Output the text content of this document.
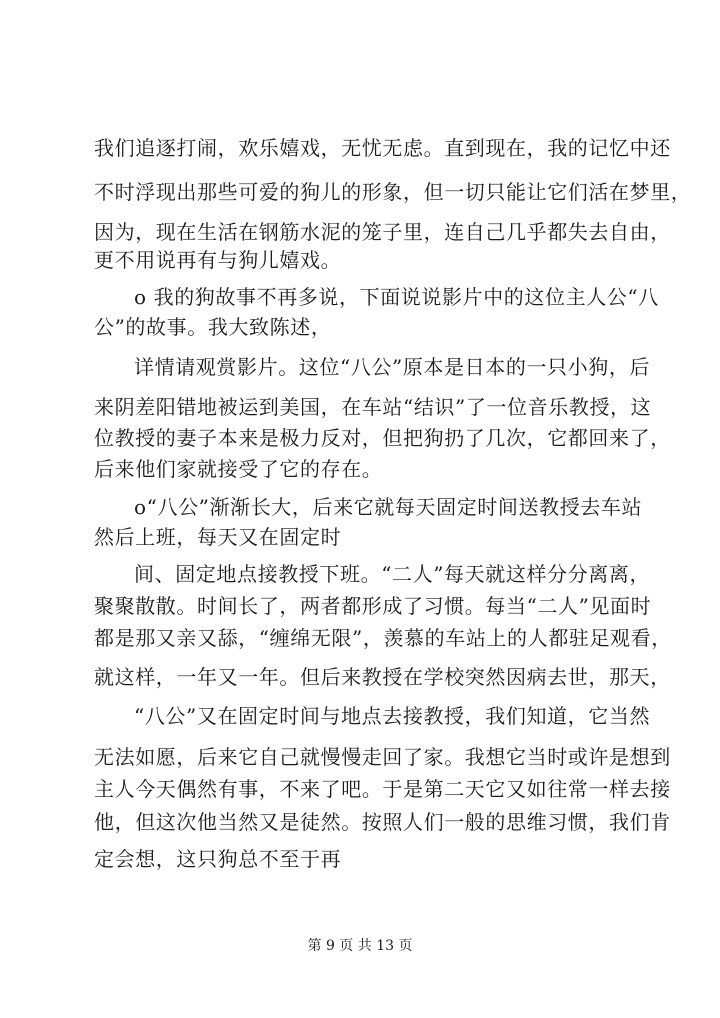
我们追逐打闹，欢乐嬉戏，无忧无虑。直到现在，我的记忆中还
不时浮现出那些可爱的狗儿的形象，但一切只能让它们活在梦里，
因为，现在生活在钢筋水泥的笼子里，连自己几乎都失去自由，
更不用说再有与狗儿嬉戏。
o 我的狗故事不再多说，下面说说影片中的这位主人公“八
公”的故事。我大致陈述，
详情请观赏影片。这位“八公”原本是日本的一只小狗，后
来阴差阳错地被运到美国，在车站“结识”了一位音乐教授，这
位教授的妻子本来是极力反对，但把狗扔了几次，它都回来了，
后来他们家就接受了它的存在。
o“八公”渐渐长大，后来它就每天固定时间送教授去车站
然后上班，每天又在固定时
间、固定地点接教授下班。“二人”每天就这样分分离离，
聚聚散散。时间长了，两者都形成了习惯。每当“二人”见面时
都是那又亲又舔，“缠绵无限”，羡慕的车站上的人都驻足观看，
就这样，一年又一年。但后来教授在学校突然因病去世，那天，
“八公”又在固定时间与地点去接教授，我们知道，它当然
无法如愿，后来它自己就慢慢走回了家。我想它当时或许是想到
主人今天偶然有事，不来了吧。于是第二天它又如往常一样去接
他，但这次他当然又是徒然。按照人们一般的思维习惯，我们肯
定会想，这只狗总不至于再
第 9 页 共 13 页
